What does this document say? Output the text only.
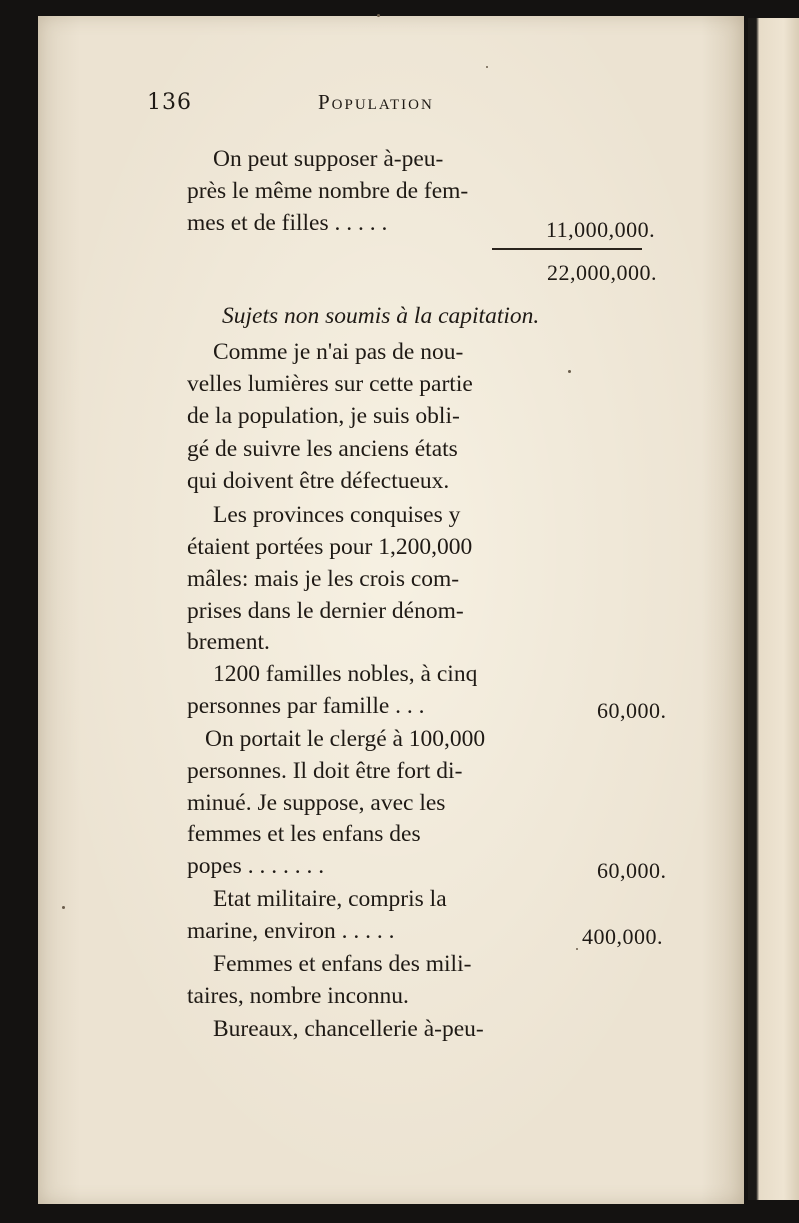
136	Population
On peut supposer à-peu-
près le même nombre de fem-
mes et de filles . . . . .	11,000,000.
22,000,000.
Sujets non soumis à la capitation.
Comme je n'ai pas de nou-
velles lumières sur cette partie
de la population, je suis obli-
gé de suivre les anciens états
qui doivent être défectueux.
Les provinces conquises y
étaient portées pour 1,200,000
mâles: mais je les crois com-
prises dans le dernier dénom-
brement.
1200 familles nobles, à cinq
personnes par famille . . .	60,000.
On portait le clergé à 100,000
personnes. Il doit être fort di-
minué. Je suppose, avec les
femmes et les enfans des
popes . . . . . . .	60,000.
Etat militaire, compris la
marine, environ . . . . .	400,000.
Femmes et enfans des mili-
taires, nombre inconnu.
Bureaux, chancellerie à-peu-
